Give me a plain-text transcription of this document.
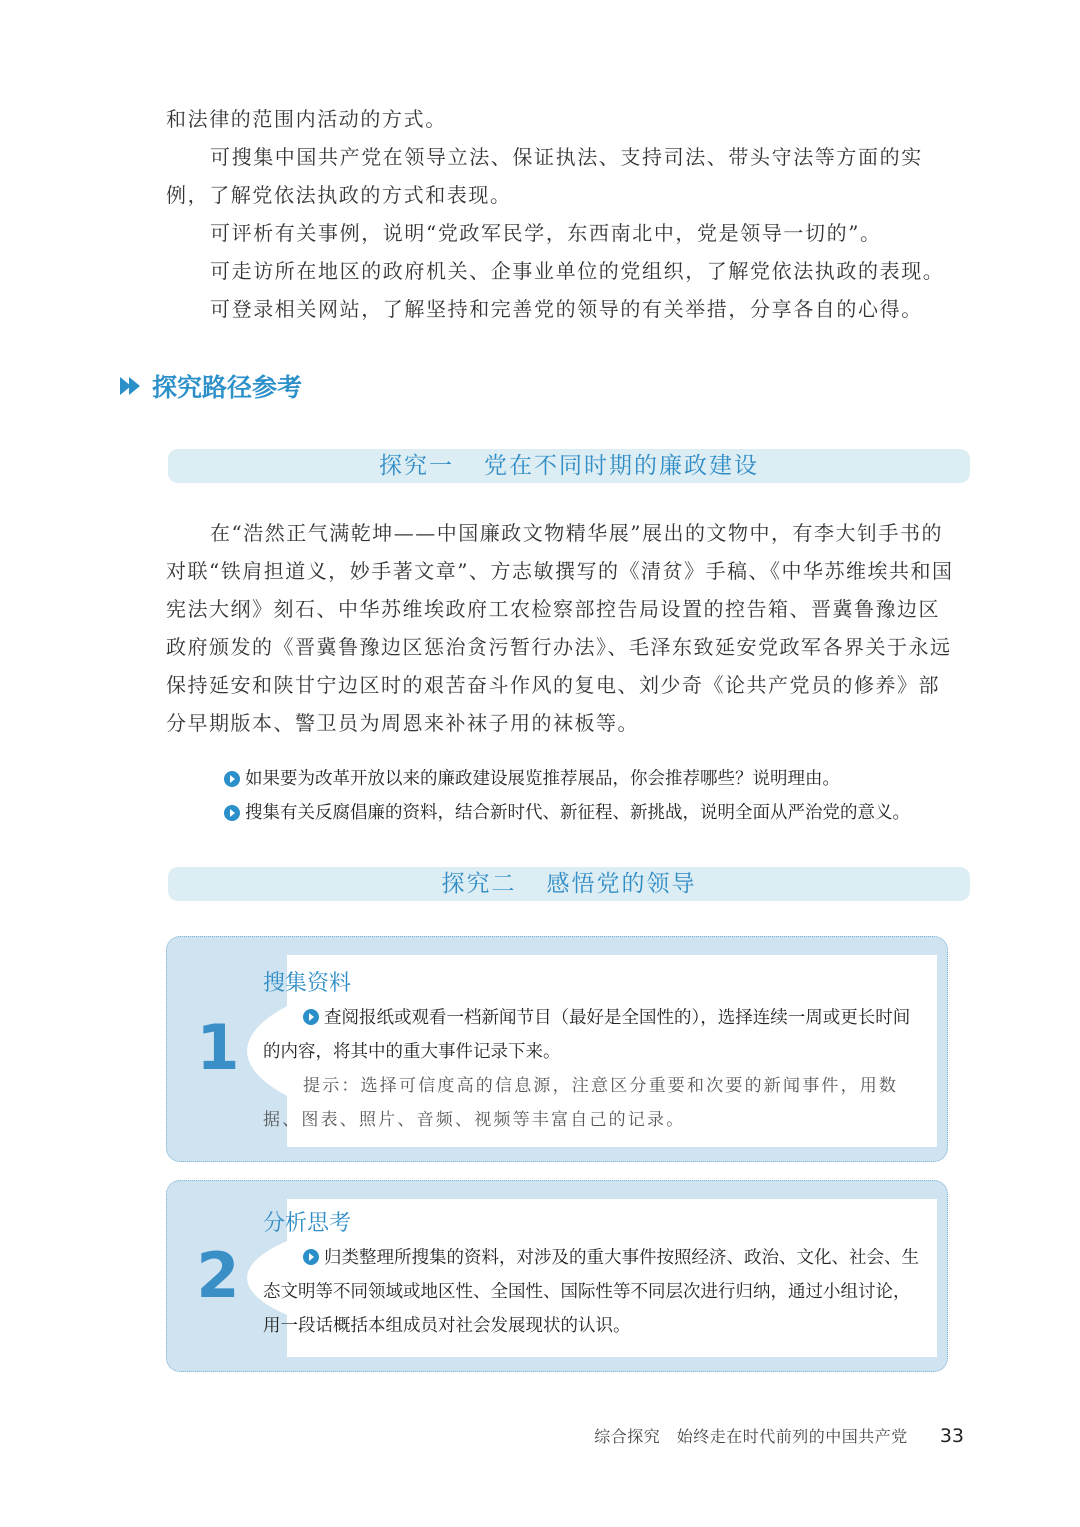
和法律的范围内活动的方式。

可搜集中国共产党在领导立法、保证执法、支持司法、带头守法等方面的实例，了解党依法执政的方式和表现。

可评析有关事例，说明“党政军民学，东西南北中，党是领导一切的”。

可走访所在地区的政府机关、企事业单位的党组织，了解党依法执政的表现。

可登录相关网站，了解坚持和完善党的领导的有关举措，分享各自的心得。

探究路径参考
探究一 党在不同时期的廉政建设

在“浩然正气满乾坤——中国廉政文物精华展”展出的文物中，有李大钊手书的对联“铁肩担道义，妙手著文章”、方志敏撰写的《清贫》手稿、《中华苏维埃共和国宪法大纲》刻石、中华苏维埃政府工农检察部控告局设置的控告箱、晋冀鲁豫边区政府颁发的《晋冀鲁豫边区惩治贪污暂行办法》、毛泽东致延安党政军各界关于永远保持延安和陕甘宁边区时的艰苦奋斗作风的复电、刘少奇《论共产党员的修养》部分早期版本、警卫员为周恩来补袜子用的袜板等。

如果要为改革开放以来的廉政建设展览推荐展品，你会推荐哪些？说明理由。
搜集有关反腐倡廉的资料，结合新时代、新征程、新挑战，说明全面从严治党的意义。
探究二 感悟党的领导
1

搜集资料

查阅报纸或观看一档新闻节目（最好是全国性的），选择连续一周或更长时间的内容，将其中的重大事件记录下来。

提示：选择可信度高的信息源，注意区分重要和次要的新闻事件，用数据、图表、照片、音频、视频等丰富自己的记录。

2

分析思考

归类整理所搜集的资料，对涉及的重大事件按照经济、政治、文化、社会、生态文明等不同领域或地区性、全国性、国际性等不同层次进行归纳，通过小组讨论，用一段话概括本组成员对社会发展现状的认识。

综合探究　始终走在时代前列的中国共产党 33
